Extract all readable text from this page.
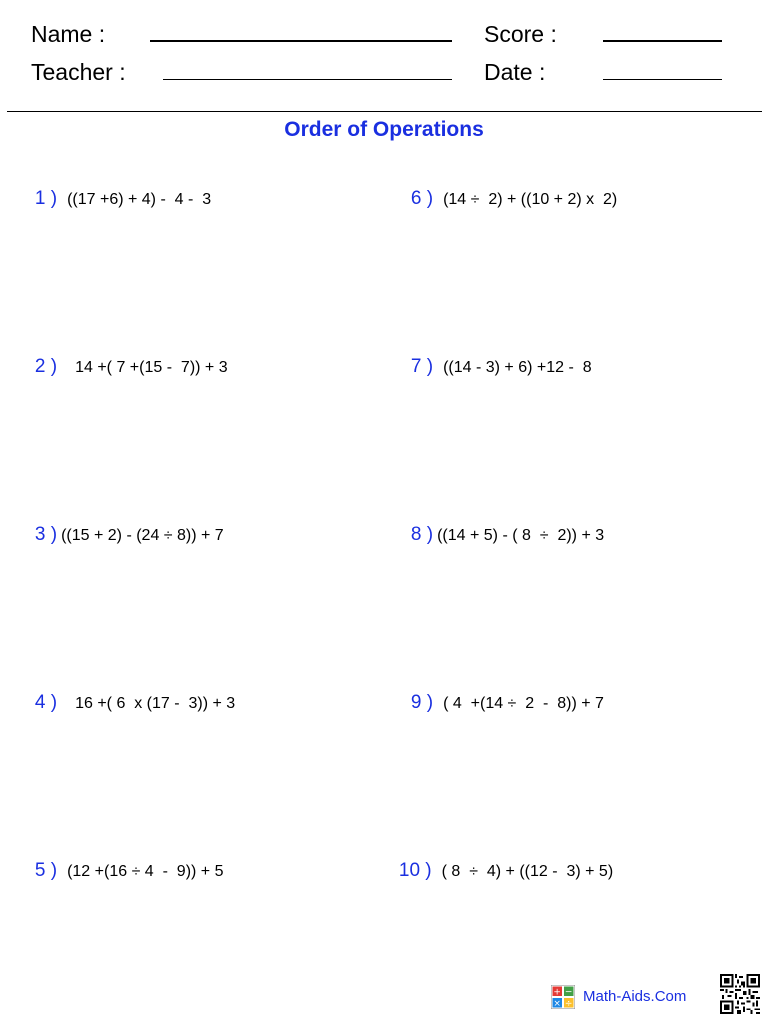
Name :	Score :
Teacher :	Date :
Order of Operations

1 ) ((17 +6) + 4) -  4 -  3

2 ) 14 +( 7 +(15 -  7)) + 3

3 ) ((15 + 2) - (24 ÷ 8)) + 7

4 ) 16 +( 6  x (17 -  3)) + 3

5 ) (12 +(16 ÷ 4  -  9)) + 5

6 ) (14 ÷  2) + ((10 + 2) x  2)

7 ) ((14 - 3) + 6) +12 -  8

8 ) ((14 + 5) - ( 8  ÷  2)) + 3

9 ) ( 4  +(14 ÷  2  -  8)) + 7

10 ) ( 8  ÷  4) + ((12 -  3) + 5)

+ −
× ÷ Math-Aids.Com
